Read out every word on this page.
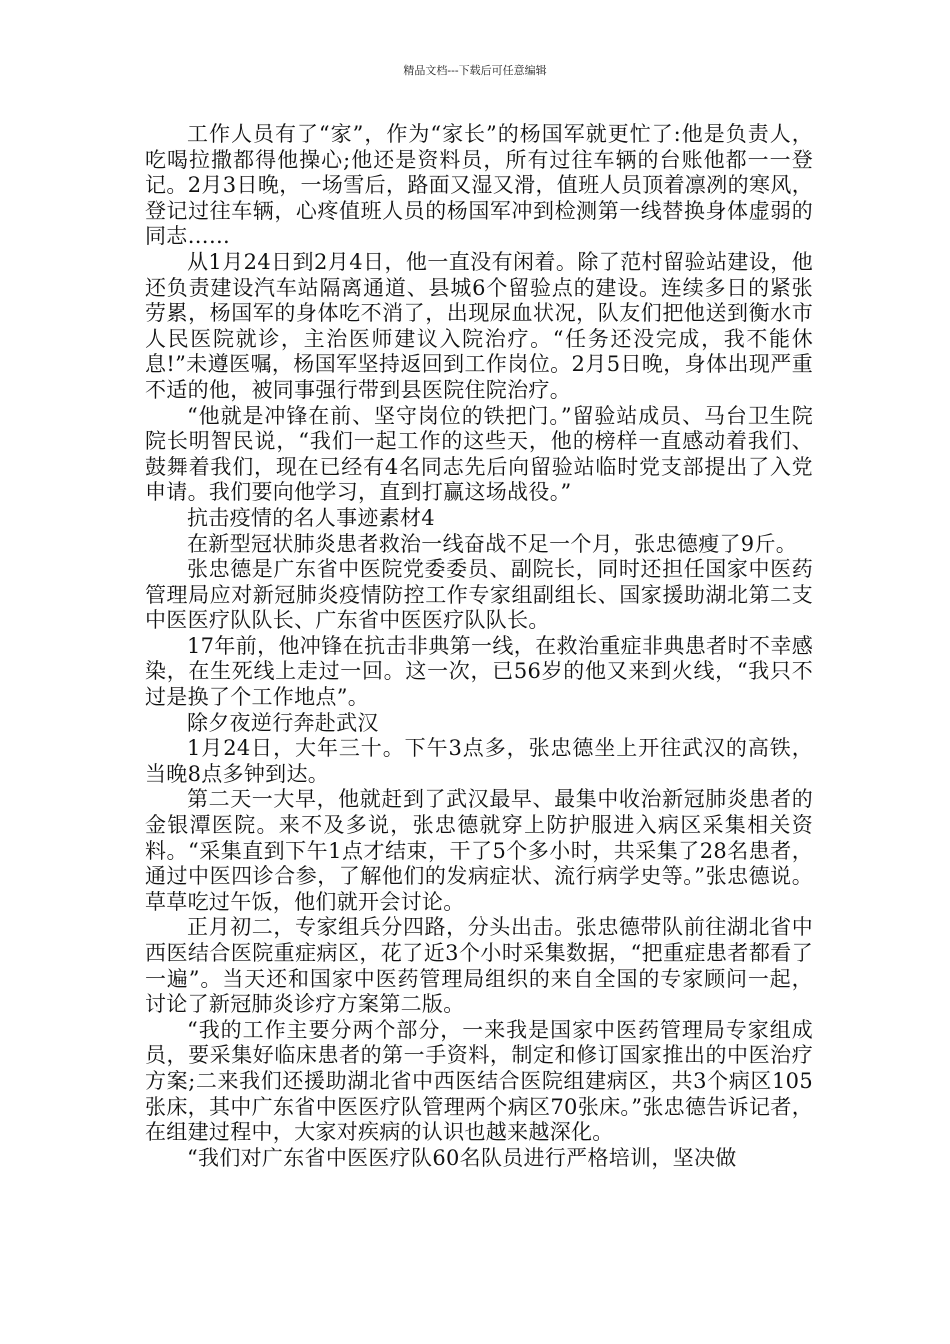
精品文档---下载后可任意编辑

工作人员有了“家”，作为“家长”的杨国军就更忙了:他是负责人，吃喝拉撒都得他操心;他还是资料员，所有过往车辆的台账他都一一登记。2月3日晚，一场雪后，路面又湿又滑，值班人员顶着凛冽的寒风，登记过往车辆，心疼值班人员的杨国军冲到检测第一线替换身体虚弱的同志……

从1月24日到2月4日，他一直没有闲着。除了范村留验站建设，他还负责建设汽车站隔离通道、县城6个留验点的建设。连续多日的紧张劳累，杨国军的身体吃不消了，出现尿血状况，队友们把他送到衡水市人民医院就诊，主治医师建议入院治疗。“任务还没完成，我不能休息!”未遵医嘱，杨国军坚持返回到工作岗位。2月5日晚，身体出现严重不适的他，被同事强行带到县医院住院治疗。

“他就是冲锋在前、坚守岗位的铁把门。”留验站成员、马台卫生院院长明智民说，“我们一起工作的这些天，他的榜样一直感动着我们、鼓舞着我们，现在已经有4名同志先后向留验站临时党支部提出了入党申请。我们要向他学习，直到打赢这场战役。”

抗击疫情的名人事迹素材4

在新型冠状肺炎患者救治一线奋战不足一个月，张忠德瘦了9斤。

张忠德是广东省中医院党委委员、副院长，同时还担任国家中医药管理局应对新冠肺炎疫情防控工作专家组副组长、国家援助湖北第二支中医医疗队队长、广东省中医医疗队队长。

17年前，他冲锋在抗击非典第一线，在救治重症非典患者时不幸感染，在生死线上走过一回。这一次，已56岁的他又来到火线，“我只不过是换了个工作地点”。

除夕夜逆行奔赴武汉

1月24日，大年三十。下午3点多，张忠德坐上开往武汉的高铁，当晚8点多钟到达。

第二天一大早，他就赶到了武汉最早、最集中收治新冠肺炎患者的金银潭医院。来不及多说，张忠德就穿上防护服进入病区采集相关资料。“采集直到下午1点才结束，干了5个多小时，共采集了28名患者，通过中医四诊合参，了解他们的发病症状、流行病学史等。”张忠德说。草草吃过午饭，他们就开会讨论。

正月初二，专家组兵分四路，分头出击。张忠德带队前往湖北省中西医结合医院重症病区，花了近3个小时采集数据，“把重症患者都看了一遍”。当天还和国家中医药管理局组织的来自全国的专家顾问一起，讨论了新冠肺炎诊疗方案第二版。

“我的工作主要分两个部分，一来我是国家中医药管理局专家组成员，要采集好临床患者的第一手资料，制定和修订国家推出的中医治疗方案;二来我们还援助湖北省中西医结合医院组建病区，共3个病区105张床，其中广东省中医医疗队管理两个病区70张床。”张忠德告诉记者，在组建过程中，大家对疾病的认识也越来越深化。

“我们对广东省中医医疗队60名队员进行严格培训，坚决做
